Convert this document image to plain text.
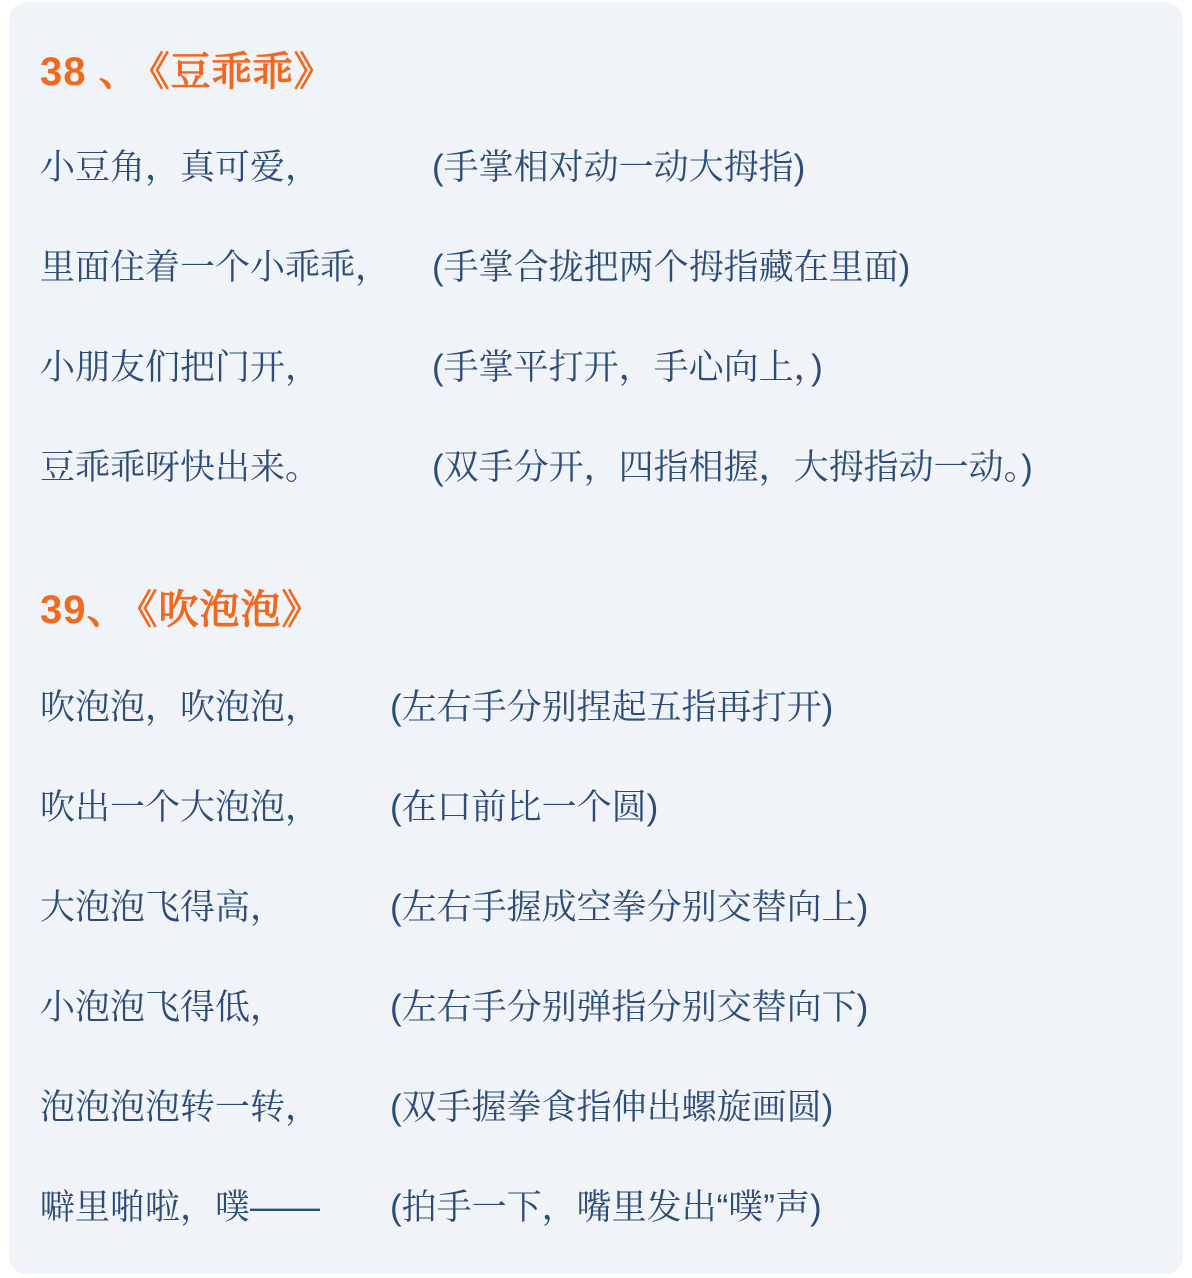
38 、 《豆乖乖》
小豆角，真可爱，	(手掌相对动一动大拇指)
里面住着一个小乖乖，	(手掌合拢把两个拇指藏在里面)
小朋友们把门开，	(手掌平打开，手心向上，)
豆乖乖呀快出来。	(双手分开，四指相握，大拇指动一动。)
39、 《吹泡泡》
吹泡泡，吹泡泡，	(左右手分别捏起五指再打开)
吹出一个大泡泡，	(在口前比一个圆)
大泡泡飞得高，	(左右手握成空拳分别交替向上)
小泡泡飞得低，	(左右手分别弹指分别交替向下)
泡泡泡泡转一转，	(双手握拳食指伸出螺旋画圆)
噼里啪啦，噗——	(拍手一下，嘴里发出“噗”声)
